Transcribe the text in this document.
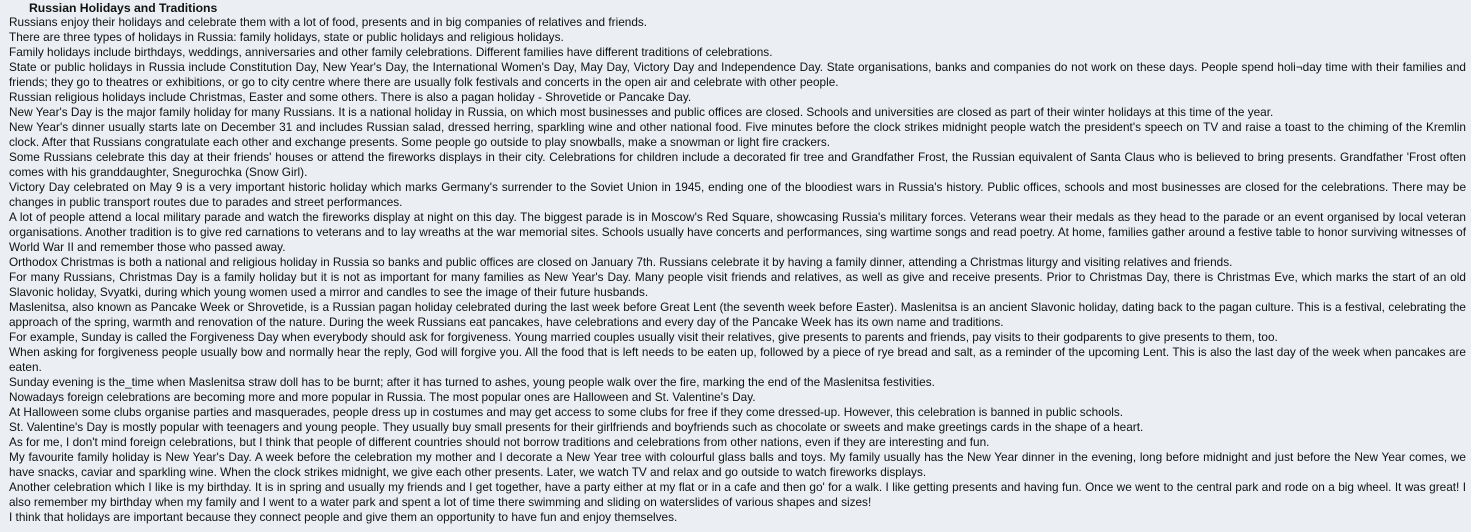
Russian Holidays and Traditions

Russians enjoy their holidays and celebrate them with a lot of food, presents and in big companies of relatives and friends.

There are three types of holidays in Russia: family holidays, state or public holidays and religious holidays.

Family holidays include birthdays, weddings, anniversaries and other family celebrations. Different families have different traditions of celebrations.

State or public holidays in Russia include Constitution Day, New Year's Day, the International Women's Day, May Day, Victory Day and Independence Day. State organisations, banks and companies do not work on these days. People spend holi¬day time with their families and friends; they go to theatres or exhibitions, or go to city centre where there are usually folk festivals and concerts in the open air and celebrate with other people.

Russian religious holidays include Christmas, Easter and some others. There is also a pagan holiday - Shrovetide or Pancake Day.

New Year's Day is the major family holiday for many Russians. It is a national holiday in Russia, on which most businesses and public offices are closed. Schools and universities are closed as part of their winter holidays at this time of the year.

New Year's dinner usually starts late on December 31 and includes Russian salad, dressed herring, sparkling wine and other national food. Five minutes before the clock strikes midnight people watch the president's speech on TV and raise a toast to the chiming of the Kremlin clock. After that Russians congratulate each other and exchange presents. Some people go outside to play snowballs, make a snowman or light fire crackers.

Some Russians celebrate this day at their friends' houses or attend the fireworks displays in their city. Celebrations for children include a decorated fir tree and Grandfather Frost, the Russian equivalent of Santa Claus who is believed to bring presents. Grandfather 'Frost often comes with his granddaughter, Snegurochka (Snow Girl).

Victory Day celebrated on May 9 is a very important historic holiday which marks Germany's surrender to the Soviet Union in 1945, ending one of the bloodiest wars in Russia's history. Public offices, schools and most businesses are closed for the celebrations. There may be changes in public transport routes due to parades and street performances.

A lot of people attend a local military parade and watch the fireworks display at night on this day. The biggest parade is in Moscow's Red Square, showcasing Russia's military forces. Veterans wear their medals as they head to the parade or an event organised by local veteran organisations. Another tradition is to give red carnations to veterans and to lay wreaths at the war memorial sites. Schools usually have concerts and performances, sing wartime songs and read poetry. At home, families gather around a festive table to honor surviving witnesses of World War II and remember those who passed away.

Orthodox Christmas is both a national and religious holiday in Russia so banks and public offices are closed on January 7th. Russians celebrate it by having a family dinner, attending a Christmas liturgy and visiting relatives and friends.

For many Russians, Christmas Day is a family holiday but it is not as important for many families as New Year's Day. Many people visit friends and relatives, as well as give and receive presents. Prior to Christmas Day, there is Christmas Eve, which marks the start of an old Slavonic holiday, Svyatki, during which young women used a mirror and candles to see the image of their future husbands.

Maslenitsa, also known as Pancake Week or Shrovetide, is a Russian pagan holiday celebrated during the last week before Great Lent (the seventh week before Easter). Maslenitsa is an ancient Slavonic holiday, dating back to the pagan culture. This is a festival, celebrating the approach of the spring, warmth and renovation of the nature. During the week Russians eat pancakes, have celebrations and every day of the Pancake Week has its own name and traditions.

For example, Sunday is called the Forgiveness Day when everybody should ask for forgiveness. Young married couples usually visit their relatives, give presents to parents and friends, pay visits to their godparents to give presents to them, too.

When asking for forgiveness people usually bow and normally hear the reply, God will forgive you. All the food that is left needs to be eaten up, followed by a piece of rye bread and salt, as a reminder of the upcoming Lent. This is also the last day of the week when pancakes are eaten.

Sunday evening is the_time when Maslenitsa straw doll has to be burnt; after it has turned to ashes, young people walk over the fire, marking the end of the Maslenitsa festivities.

Nowadays foreign celebrations are becoming more and more popular in Russia. The most popular ones are Halloween and St. Valentine's Day.

At Halloween some clubs organise parties and masquerades, people dress up in costumes and may get access to some clubs for free if they come dressed-up. However, this celebration is banned in public schools.

St. Valentine's Day is mostly popular with teenagers and young people. They usually buy small presents for their girlfriends and boyfriends such as chocolate or sweets and make greetings cards in the shape of a heart.

As for me, I don't mind foreign celebrations, but I think that people of different countries should not borrow traditions and celebrations from other nations, even if they are interesting and fun.

My favourite family holiday is New Year's Day. A week before the celebration my mother and I decorate a New Year tree with colourful glass balls and toys. My family usually has the New Year dinner in the evening, long before midnight and just before the New Year comes, we have snacks, caviar and sparkling wine. When the clock strikes midnight, we give each other presents. Later, we watch TV and relax and go outside to watch fireworks displays.

Another celebration which I like is my birthday. It is in spring and usually my friends and I get together, have a party either at my flat or in a cafe and then go' for a walk. I like getting presents and having fun. Once we went to the central park and rode on a big wheel. It was great! I also remember my birthday when my family and I went to a water park and spent a lot of time there swimming and sliding on waterslides of various shapes and sizes!

I think that holidays are important because they connect people and give them an opportunity to have fun and enjoy themselves.
